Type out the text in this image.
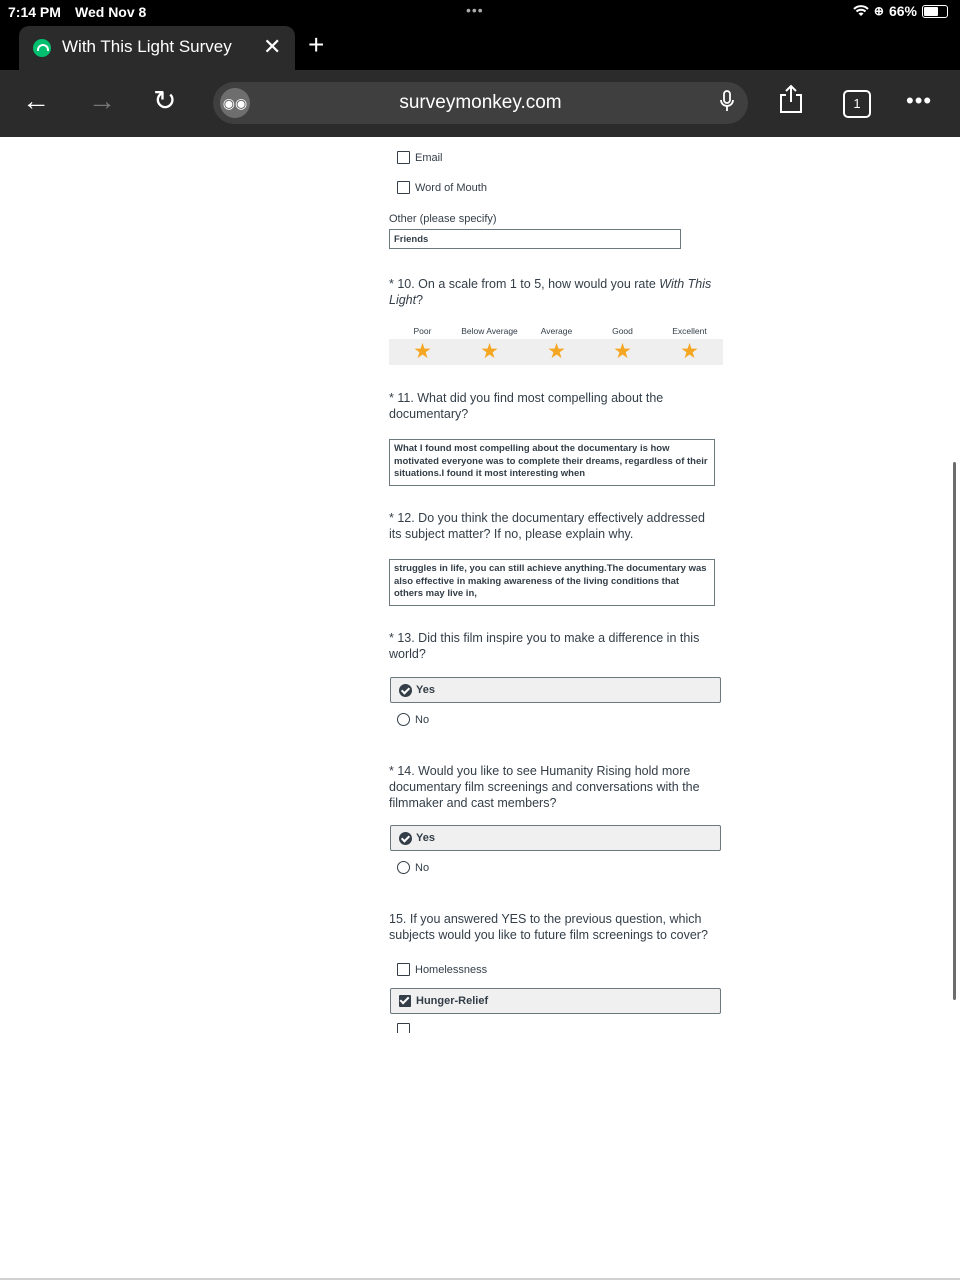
7:14 PM Wed Nov 8	•••	⊕ 66%
With This Light Survey ✕ +
← → ↻	◉◉	surveymonkey.com	1	•••
Email
Word of Mouth
Other (please specify)
Friends
* 10. On a scale from 1 to 5, how would you rate With This Light?
Poor	Below Average	Average	Good	Excellent
★	★	★	★	★
* 11. What did you find most compelling about the documentary?
What I found most compelling about the documentary is how motivated everyone was to complete their dreams, regardless of their situations.I found it most interesting when
* 12. Do you think the documentary effectively addressed its subject matter? If no, please explain why.
struggles in life, you can still achieve anything.The documentary was also effective in making awareness of the living conditions that others may live in,
* 13. Did this film inspire you to make a difference in this world?
Yes
No
* 14. Would you like to see Humanity Rising hold more documentary film screenings and conversations with the filmmaker and cast members?
Yes
No
15. If you answered YES to the previous question, which subjects would you like to future film screenings to cover?
Homelessness
Hunger-Relief
